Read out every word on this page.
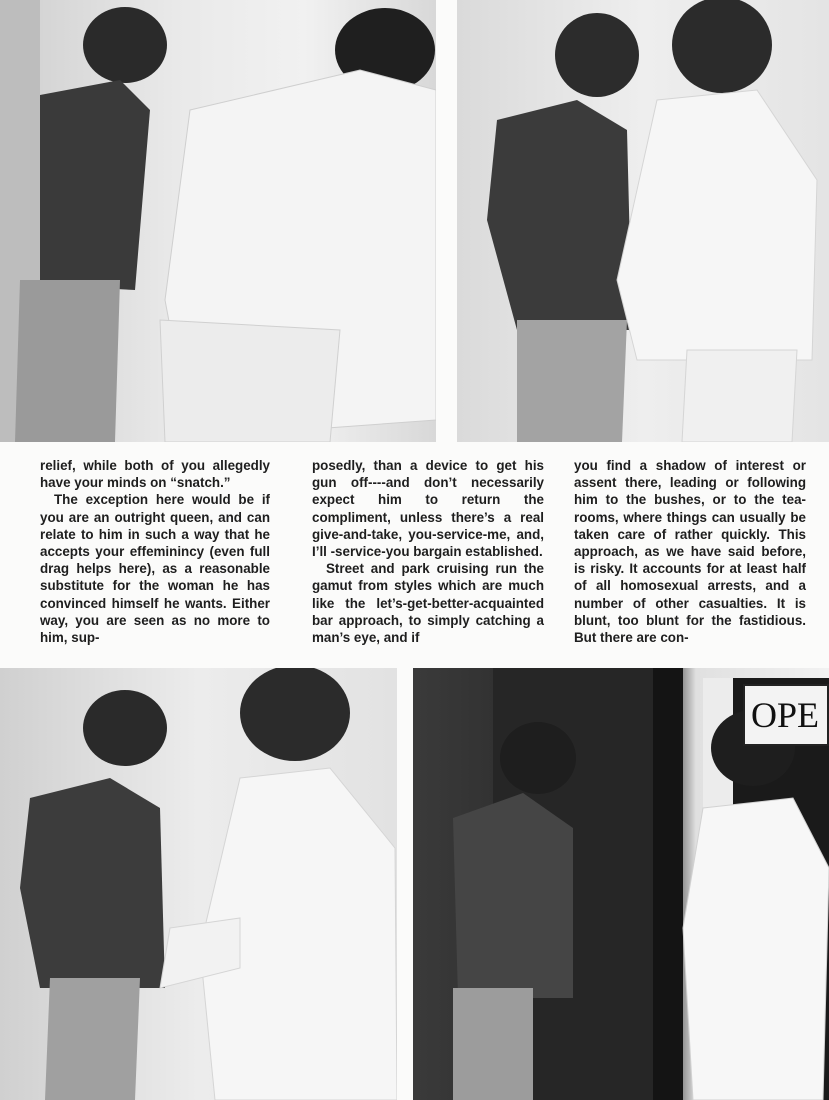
relief, while both of you allegedly have your minds on “snatch.”

The exception here would be if you are an outright queen, and can relate to him in such a way that he accepts your effeminincy (even full drag helps here), as a reasonable substitute for the woman he has convinced himself he wants. Either way, you are seen as no more to him, sup-

posedly, than a device to get his gun off----and don’t necessarily expect him to return the compliment, unless there’s a real give-and-take, you-service-me, and, I’ll -service-you bargain established.

Street and park cruising run the gamut from styles which are much like the let’s-get-better-acquainted bar approach, to simply catching a man’s eye, and if

you find a shadow of interest or assent there, leading or following him to the bushes, or to the tea-rooms, where things can usually be taken care of rather quickly. This approach, as we have said before, is risky. It accounts for at least half of all homosexual arrests, and a number of other casualties. It is blunt, too blunt for the fastidious. But there are con-

OPE
